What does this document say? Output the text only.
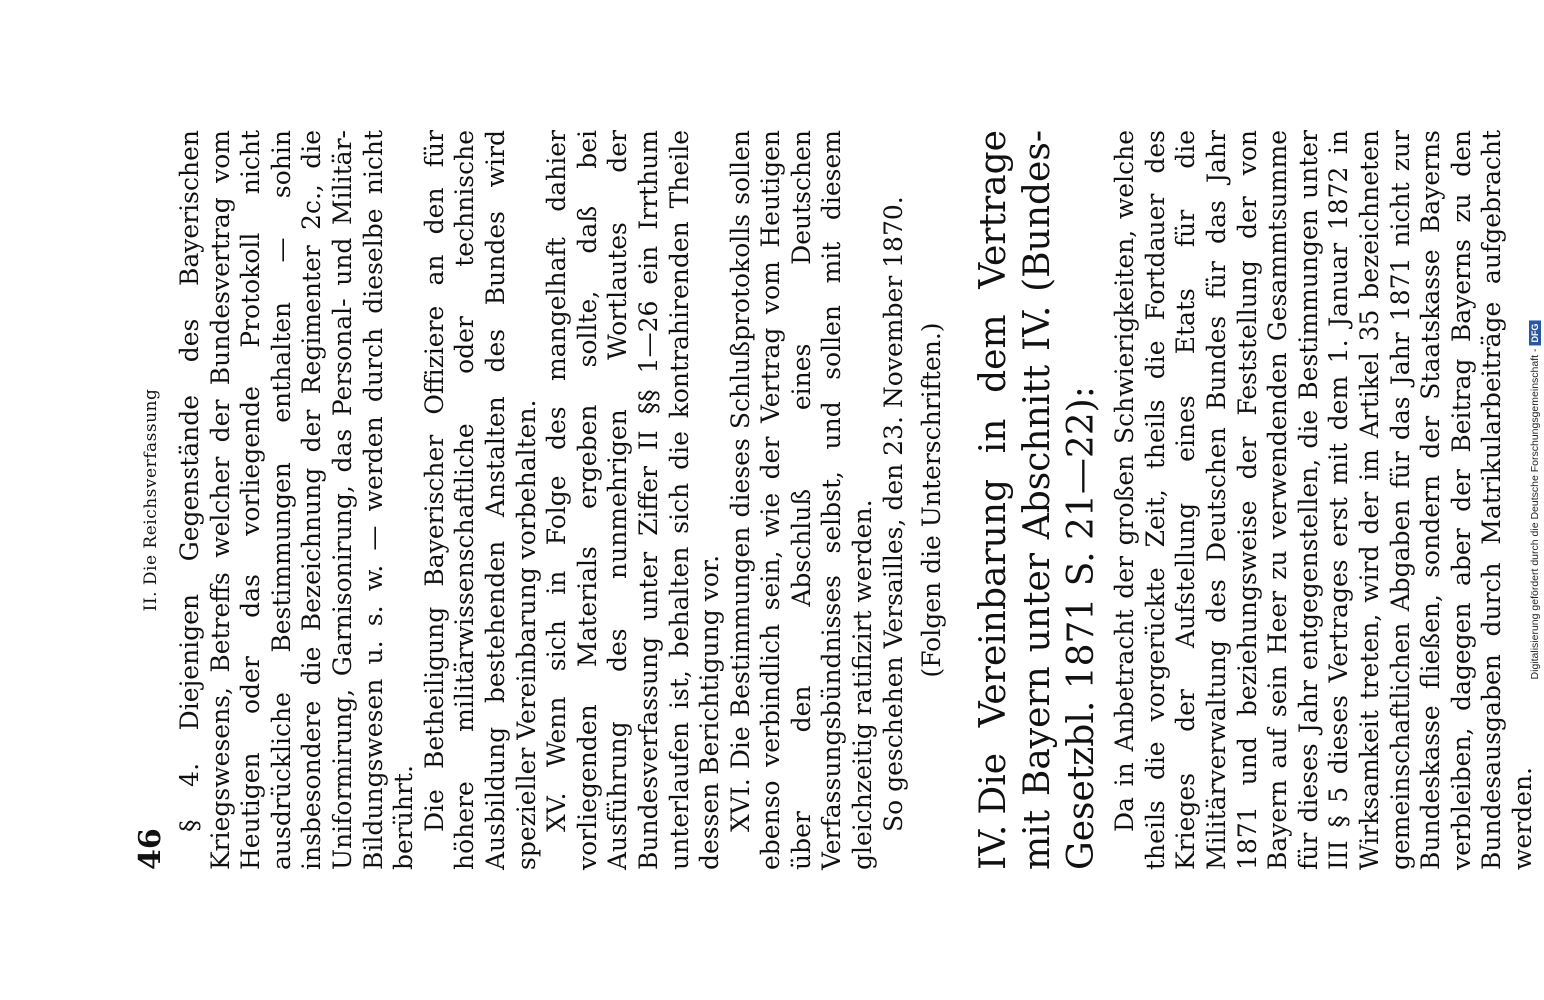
46
II. Die Reichsverfassung § 4. Diejenigen Gegenstände des Bayerischen Kriegswesens, Betreffs welcher der Bundesvertrag vom Heutigen oder das vorliegende Protokoll nicht ausdrückliche Bestimmungen enthalten — sohin insbesondere die Bezeichnung der Regimenter 2c., die Uniformirung, Garnisonirung, das Personal- und Militär-Bildungswesen u. s. w. — werden durch dieselbe nicht berührt. Die Betheiligung Bayerischer Offiziere an den für höhere militärwissenschaftliche oder technische Ausbildung bestehenden Anstalten des Bundes wird spezieller Vereinbarung vorbehalten. XV. Wenn sich in Folge des mangelhaft dahier vorliegenden Materials ergeben sollte, daß bei Ausführung des nunmehrigen Wortlautes der Bundesverfassung unter Ziffer II §§ 1—26 ein Irrthum unterlaufen ist, behalten sich die kontrahirenden Theile dessen Berichtigung vor. XVI. Die Bestimmungen dieses Schlußprotokolls sollen ebenso verbindlich sein, wie der Vertrag vom Heutigen über den Abschluß eines Deutschen Verfassungsbündnisses selbst, und sollen mit diesem gleichzeitig ratifizirt werden. So geschehen Versailles, den 23. November 1870. (Folgen die Unterschriften.)

IV.Die Vereinbarung in dem Vertrage mit Bayern unter Abschnitt IV. (Bundes-Gesetzbl. 1871 S. 21—22): Da in Anbetracht der großen Schwierigkeiten, welche theils die vorgerückte Zeit, theils die Fortdauer des Krieges der Aufstellung eines Etats für die Militärverwaltung des Deutschen Bundes für das Jahr 1871 und beziehungsweise der Feststellung der von Bayern auf sein Heer zu verwendenden Gesammtsumme für dieses Jahr entgegenstellen, die Bestimmungen unter III § 5 dieses Vertrages erst mit dem 1. Januar 1872 in Wirksamkeit treten, wird der im Artikel 35 bezeichneten gemeinschaftlichen Abgaben für das Jahr 1871 nicht zur Bundeskasse fließen, sondern der Staatskasse Bayerns verbleiben, dagegen aber der Beitrag Bayerns zu den Bundesausgaben durch Matrikularbeiträge aufgebracht werden.

Digitalisierung gefördert durch die Deutsche Forschungsgemeinschaft -DFG
